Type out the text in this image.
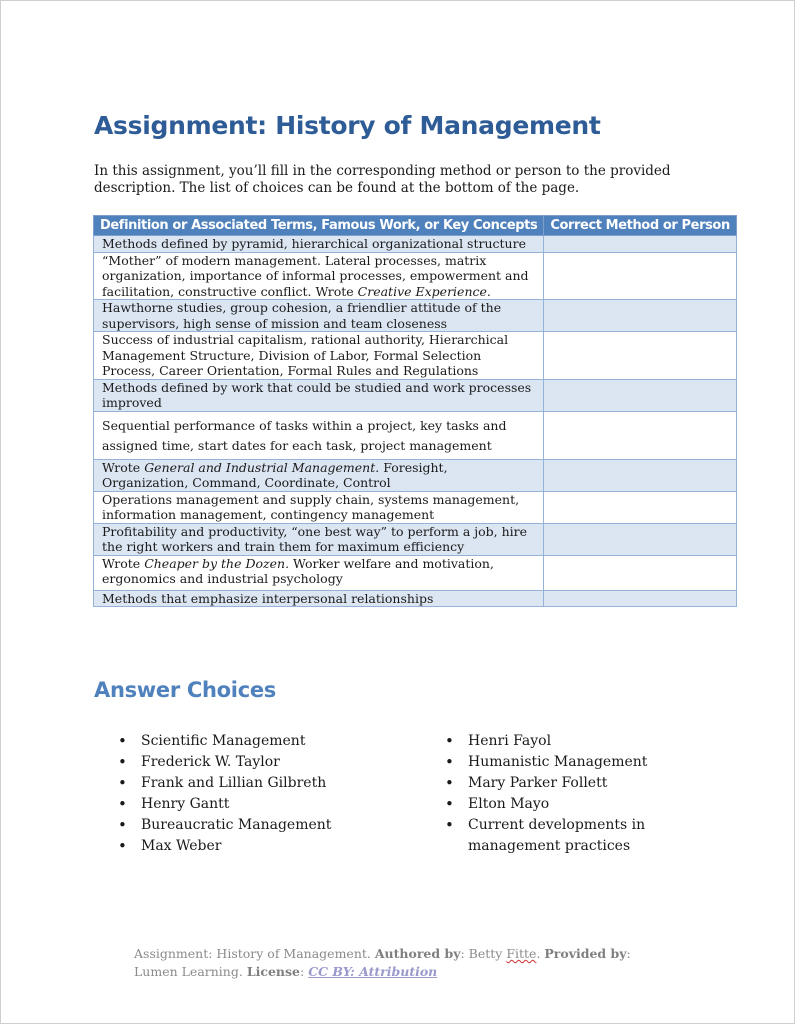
Assignment: History of Management

In this assignment, you’ll fill in the corresponding method or person to the provided description. The list of choices can be found at the bottom of the page.

Definition or Associated Terms, Famous Work, or Key Concepts	Correct Method or Person
Methods defined by pyramid, hierarchical organizational structure	
“Mother” of modern management. Lateral processes, matrix organization, importance of informal processes, empowerment and facilitation, constructive conflict. Wrote Creative Experience.	
Hawthorne studies, group cohesion, a friendlier attitude of the supervisors, high sense of mission and team closeness	
Success of industrial capitalism, rational authority, Hierarchical Management Structure, Division of Labor, Formal Selection Process, Career Orientation, Formal Rules and Regulations	
Methods defined by work that could be studied and work processes improved	
Sequential performance of tasks within a project, key tasks and assigned time, start dates for each task, project management	
Wrote General and Industrial Management. Foresight, Organization, Command, Coordinate, Control	
Operations management and supply chain, systems management, information management, contingency management	
Profitability and productivity, “one best way” to perform a job, hire the right workers and train them for maximum efficiency	
Wrote Cheaper by the Dozen. Worker welfare and motivation, ergonomics and industrial psychology	
Methods that emphasize interpersonal relationships	
Answer Choices
• Scientific Management
• Frederick W. Taylor
• Frank and Lillian Gilbreth
• Henry Gantt
• Bureaucratic Management
• Max Weber
• Henri Fayol
• Humanistic Management
• Mary Parker Follett
• Elton Mayo
• Current developments in management practices
Assignment: History of Management. Authored by: Betty Fitte. Provided by: Lumen Learning. License: CC BY: Attribution
